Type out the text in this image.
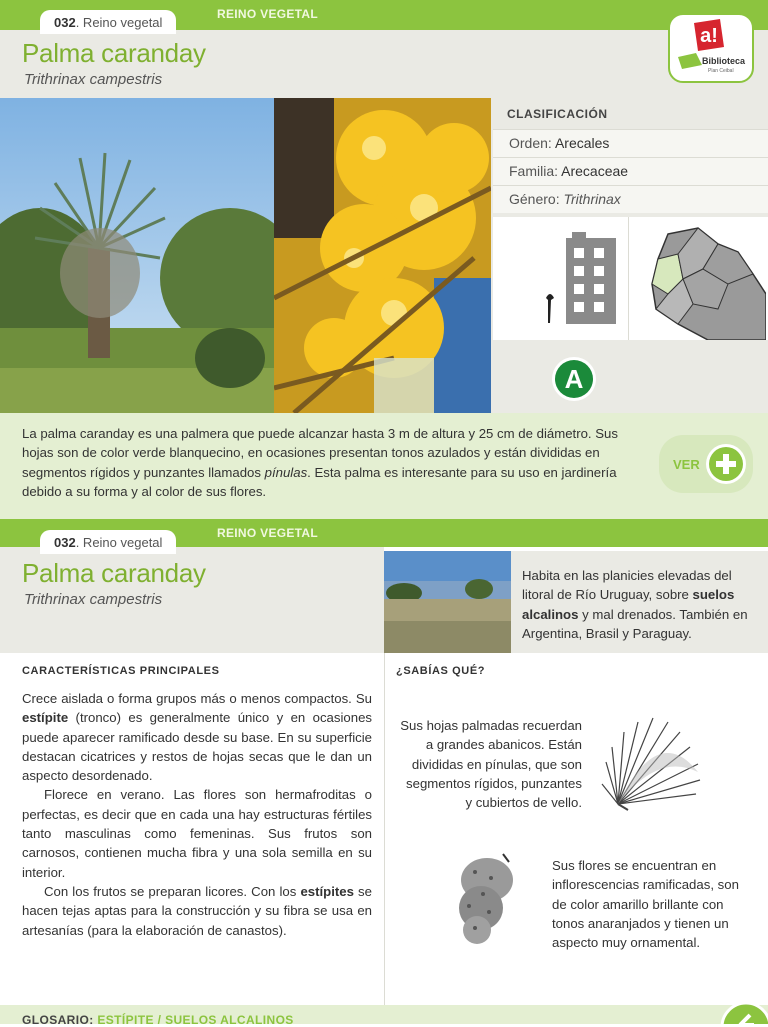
REINO VEGETAL
032. Reino vegetal
Palma caranday
Trithrinax campestris
a!
Biblioteca
Plan Ceibal
CLASIFICACIÓN
Orden: Arecales
Familia: Arecaceae
Género: Trithrinax
A
La palma caranday es una palmera que puede alcanzar hasta 3 m de altura y 25 cm de diámetro. Sus hojas son de color verde blanquecino, en ocasiones presentan tonos azulados y están divididas en segmentos rígidos y punzantes llamados pínulas. Esta palma es interesante para su uso en jardinería debido a su forma y al color de sus flores.
VER
REINO VEGETAL
032. Reino vegetal
Palma caranday
Trithrinax campestris
Habita en las planicies elevadas del litoral de Río Uruguay, sobre suelos alcalinos y mal drenados. También en Argentina, Brasil y Paraguay.
CARACTERÍSTICAS PRINCIPALES
Crece aislada o forma grupos más o menos compactos. Su estípite (tronco) es generalmente único y en ocasiones puede aparecer ramificado desde su base. En su superficie destacan cicatrices y restos de hojas secas que le dan un aspecto desordenado.
Florece en verano. Las flores son hermafroditas o perfectas, es decir que en cada una hay estructuras fértiles tanto masculinas como femeninas. Sus frutos son carnosos, contienen mucha fibra y una sola semilla en su interior.
Con los frutos se preparan licores. Con los estípites se hacen tejas aptas para la construcción y su fibra se usa en artesanías (para la elaboración de canastos).
¿SABÍAS QUÉ?
Sus hojas palmadas recuerdan a grandes abanicos. Están divididas en pínulas, que son segmentos rígidos, punzantes y cubiertos de vello.
Sus flores se encuentran en inflorescencias ramificadas, son de color amarillo brillante con tonos anaranjados y tienen un aspecto muy ornamental.
GLOSARIO: ESTÍPITE / SUELOS ALCALINOS
